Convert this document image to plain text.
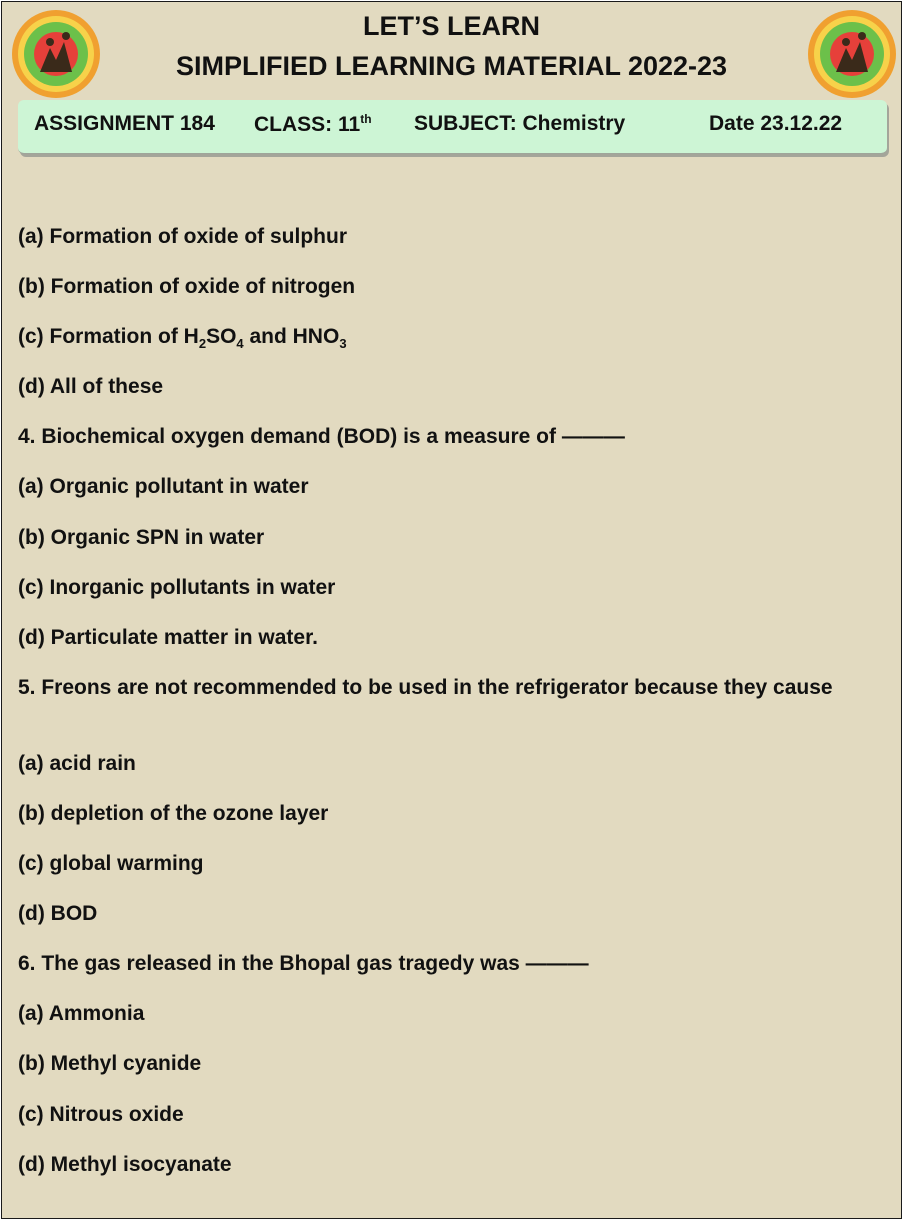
LET’S LEARN
SIMPLIFIED LEARNING MATERIAL 2022-23
ASSIGNMENT 184 CLASS: 11th SUBJECT: Chemistry	Date 23.12.22
(a) Formation of oxide of sulphur
(b) Formation of oxide of nitrogen
(c) Formation of $H_2SO_4$ and $HNO_3$
(d) All of these
4. Biochemical oxygen demand (BOD) is a measure of ———
(a) Organic pollutant in water
(b) Organic SPN in water
(c) Inorganic pollutants in water
(d) Particulate matter in water.
5. Freons are not recommended to be used in the refrigerator because they cause
(a) acid rain
(b) depletion of the ozone layer
(c) global warming
(d) BOD
6. The gas released in the Bhopal gas tragedy was ———
(a) Ammonia
(b) Methyl cyanide
(c) Nitrous oxide
(d) Methyl isocyanate
